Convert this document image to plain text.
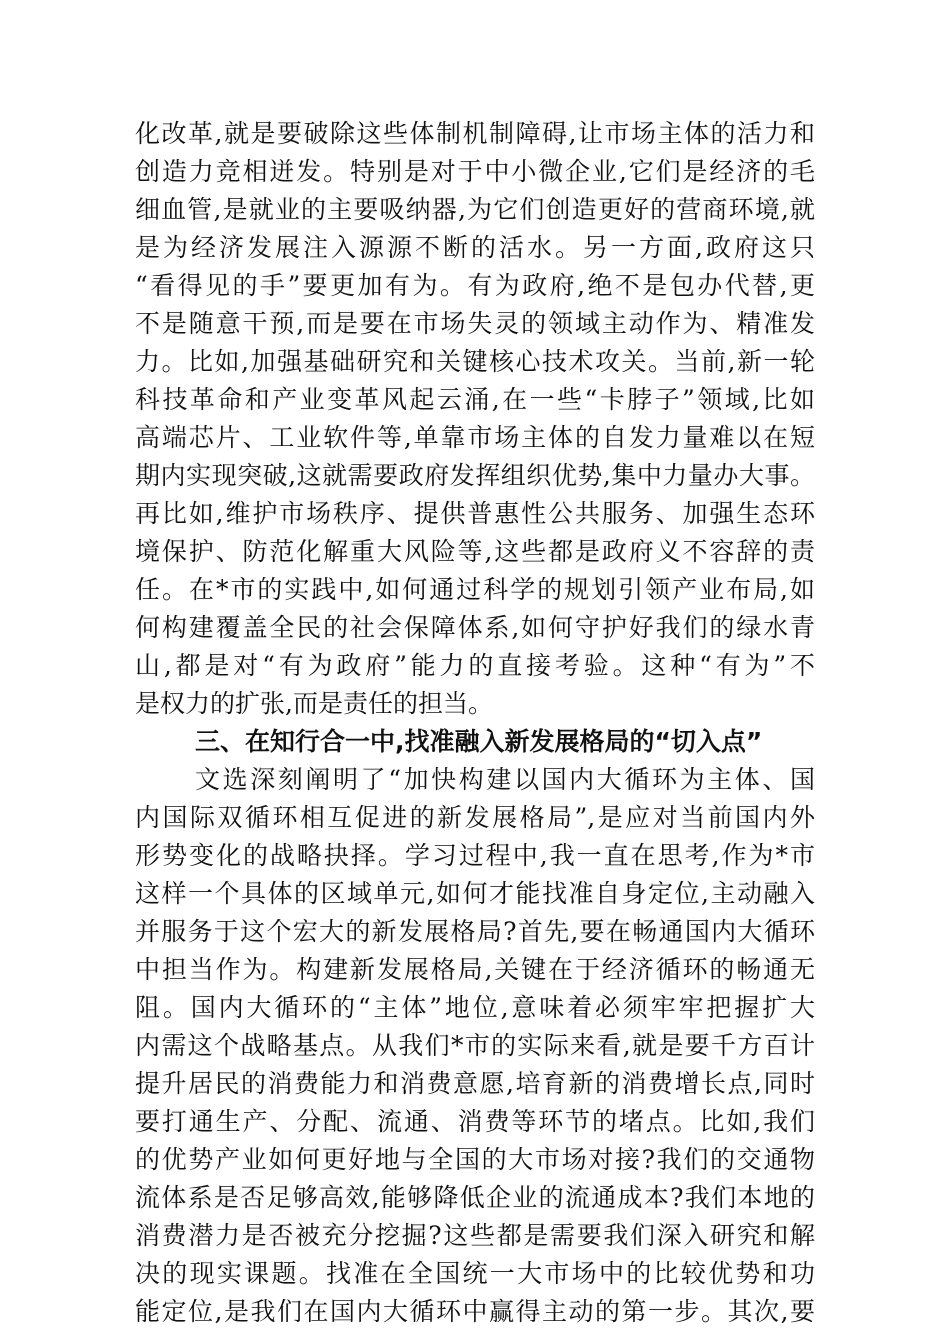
化改革,就是要破除这些体制机制障碍,让市场主体的活力和
创造力竞相迸发。特别是对于中小微企业,它们是经济的毛
细血管,是就业的主要吸纳器,为它们创造更好的营商环境,就
是为经济发展注入源源不断的活水。另一方面,政府这只
“看得见的手”要更加有为。有为政府,绝不是包办代替,更
不是随意干预,而是要在市场失灵的领域主动作为、精准发
力。比如,加强基础研究和关键核心技术攻关。当前,新一轮
科技革命和产业变革风起云涌,在一些“卡脖子”领域,比如
高端芯片、工业软件等,单靠市场主体的自发力量难以在短
期内实现突破,这就需要政府发挥组织优势,集中力量办大事。
再比如,维护市场秩序、提供普惠性公共服务、加强生态环
境保护、防范化解重大风险等,这些都是政府义不容辞的责
任。在*市的实践中,如何通过科学的规划引领产业布局,如
何构建覆盖全民的社会保障体系,如何守护好我们的绿水青
山,都是对“有为政府”能力的直接考验。这种“有为”不
是权力的扩张,而是责任的担当。
三、在知行合一中,找准融入新发展格局的“切入点”
文选深刻阐明了“加快构建以国内大循环为主体、国
内国际双循环相互促进的新发展格局”,是应对当前国内外
形势变化的战略抉择。学习过程中,我一直在思考,作为*市
这样一个具体的区域单元,如何才能找准自身定位,主动融入
并服务于这个宏大的新发展格局?首先,要在畅通国内大循环
中担当作为。构建新发展格局,关键在于经济循环的畅通无
阻。国内大循环的“主体”地位,意味着必须牢牢把握扩大
内需这个战略基点。从我们*市的实际来看,就是要千方百计
提升居民的消费能力和消费意愿,培育新的消费增长点,同时
要打通生产、分配、流通、消费等环节的堵点。比如,我们
的优势产业如何更好地与全国的大市场对接?我们的交通物
流体系是否足够高效,能够降低企业的流通成本?我们本地的
消费潜力是否被充分挖掘?这些都是需要我们深入研究和解
决的现实课题。找准在全国统一大市场中的比较优势和功
能定位,是我们在国内大循环中赢得主动的第一步。其次,要
